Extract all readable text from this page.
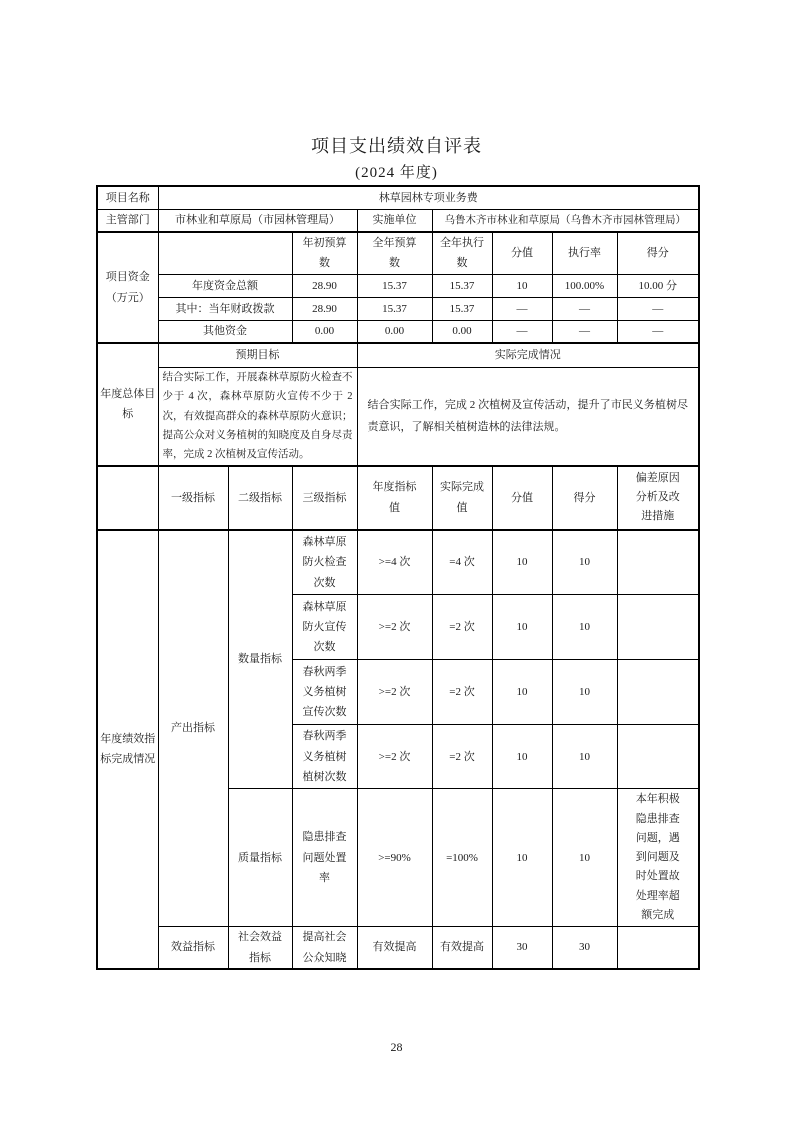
项目支出绩效自评表
(2024 年度)
项目名称	林草园林专项业务费							
主管部门	市林业和草原局（市园林管理局）			实施单位	乌鲁木齐市林业和草原局（乌鲁木齐市园林管理局）			
项目资金（万元）			年初预算数	全年预算数	全年执行数	分值	执行率	得分
	年度资金总额		28.90	15.37	15.37	10	100.00%	10.00 分
	其中：当年财政拨款		28.90	15.37	15.37	—	—	—
	其他资金		0.00	0.00	0.00	—	—	—
年度总体目标	预期目标			实际完成情况				
	结合实际工作，开展森林草原防火检查不少于 4 次，森林草原防火宣传不少于 2 次，有效提高群众的森林草原防火意识；提高公众对义务植树的知晓度及自身尽责率，完成 2 次植树及宣传活动。			结合实际工作，完成 2 次植树及宣传活动，提升了市民义务植树尽责意识，了解相关植树造林的法律法规。				
	一级指标	二级指标	三级指标	年度指标值	实际完成值	分值	得分	偏差原因分析及改进措施
年度绩效指标完成情况	产出指标	数量指标	森林草原防火检查次数	>=4 次	=4 次	10	10	
			森林草原防火宣传次数	>=2 次	=2 次	10	10	
			春秋两季义务植树宣传次数	>=2 次	=2 次	10	10	
			春秋两季义务植树植树次数	>=2 次	=2 次	10	10	
		质量指标	隐患排查问题处置率	>=90%	=100%	10	10	本年积极隐患排查问题，遇到问题及时处置故处理率超额完成
	效益指标	社会效益指标	提高社会公众知晓	有效提高	有效提高	30	30	
28
